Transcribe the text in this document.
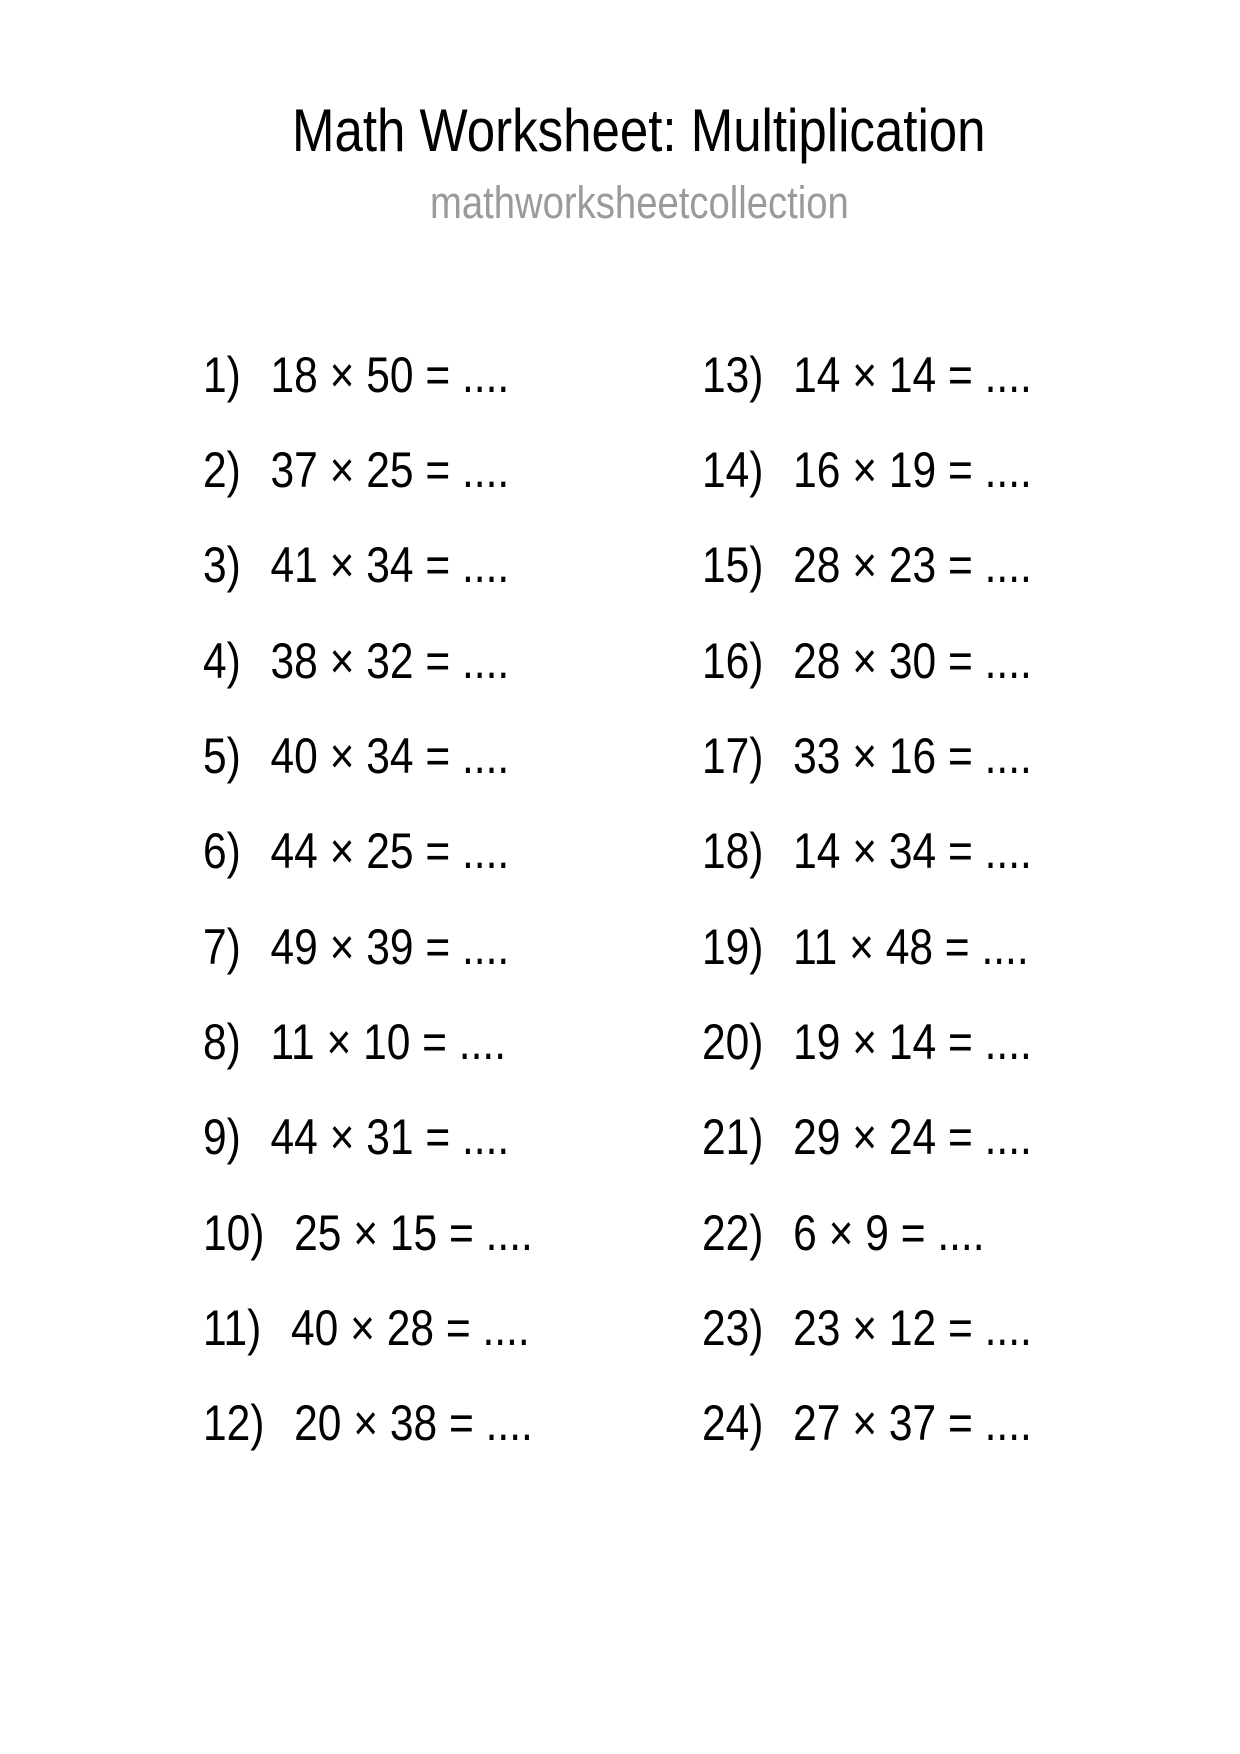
Math Worksheet: Multiplication
mathworksheetcollection
1) 18 × 50 = ....
2) 37 × 25 = ....
3) 41 × 34 = ....
4) 38 × 32 = ....
5) 40 × 34 = ....
6) 44 × 25 = ....
7) 49 × 39 = ....
8) 11 × 10 = ....
9) 44 × 31 = ....
10) 25 × 15 = ....
11) 40 × 28 = ....
12) 20 × 38 = ....
13) 14 × 14 = ....
14) 16 × 19 = ....
15) 28 × 23 = ....
16) 28 × 30 = ....
17) 33 × 16 = ....
18) 14 × 34 = ....
19) 11 × 48 = ....
20) 19 × 14 = ....
21) 29 × 24 = ....
22) 6 × 9 = ....
23) 23 × 12 = ....
24) 27 × 37 = ....
